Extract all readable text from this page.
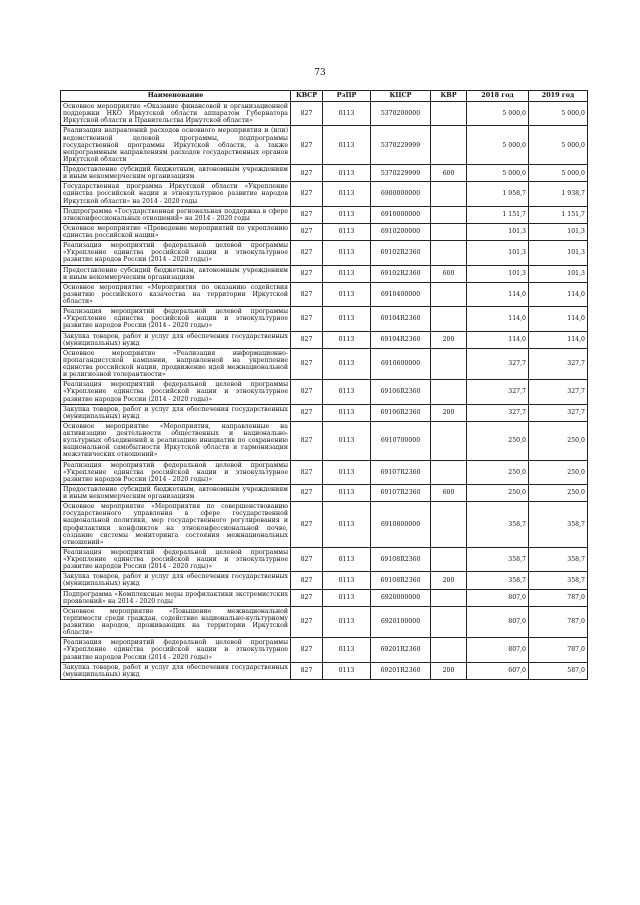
73
Наименование	КВСР	РзПР	КЦСР	КВР	2018 год	2019 год
Основное мероприятие «Оказание финансовой и организационной поддержки НКО Иркутской области аппаратом Губернатора Иркутской области и Правительства Иркутской области»	827	0113	5370200000		5 000,0	5 000,0
Реализация направлений расходов основного мероприятия и (или) ведомственной целевой программы, подпрограммы государственной программы Иркутской области, а также непрограммным направлениям расходов государственных органов Иркутской области	827	0113	5370229999		5 000,0	5 000,0
Предоставление субсидий бюджетным, автономным учреждениям и иным некоммерческим организациям	827	0113	5370229999	600	5 000,0	5 000,0
Государственная программа Иркутской области «Укрепление единства российской нации и этнокультурное развитие народов Иркутской области» на 2014 - 2020 годы	827	0113	6900000000		1 958,7	1 938,7
Подпрограмма «Государственная региональная поддержка в сфере этноконфессиональных отношений» на 2014 - 2020 годы	827	0113	6910000000		1 151,7	1 151,7
Основное мероприятие «Проведение мероприятий по укреплению единства российской нации»	827	0113	6910200000		101,3	101,3
Реализация мероприятий федеральной целевой программы «Укрепление единства российской нации и этнокультурное развитие народов России (2014 - 2020 годы)»	827	0113	69102R2360		101,3	101,3
Предоставление субсидий бюджетным, автономным учреждениям и иным некоммерческим организациям	827	0113	69102R2360	600	101,3	101,3
Основное мероприятие «Мероприятия по оказанию содействия развитию российского казачества на территории Иркутской области»	827	0113	6910400000		114,0	114,0
Реализация мероприятий федеральной целевой программы «Укрепление единства российской нации и этнокультурное развитие народов России (2014 - 2020 годы)»	827	0113	69104R2360		114,0	114,0
Закупка товаров, работ и услуг для обеспечения государственных (муниципальных) нужд	827	0113	69104R2360	200	114,0	114,0
Основное мероприятие «Реализация информационно-пропагандистской кампании, направленной на укрепление единства российской нации, продвижение идей межнациональной и религиозной толерантности»	827	0113	6910600000		327,7	327,7
Реализация мероприятий федеральной целевой программы «Укрепление единства российской нации и этнокультурное развитие народов России (2014 - 2020 годы)»	827	0113	69106R2360		327,7	327,7
Закупка товаров, работ и услуг для обеспечения государственных (муниципальных) нужд	827	0113	69106R2360	200	327,7	327,7
Основное мероприятие «Мероприятия, направленные на активизацию деятельности общественных и национально-культурных объединений и реализацию инициатив по сохранению национальной самобытности Иркутской области и гармонизации межэтнических отношений»	827	0113	6910700000		250,0	250,0
Реализация мероприятий федеральной целевой программы «Укрепление единства российской нации и этнокультурное развитие народов России (2014 - 2020 годы)»	827	0113	69107R2360		250,0	250,0
Предоставление субсидий бюджетным, автономным учреждениям и иным некоммерческим организациям	827	0113	69107R2360	600	250,0	250,0
Основное мероприятие «Мероприятия по совершенствованию государственного управления в сфере государственной национальной политики, мер государственного регулирования и профилактики конфликтов на этноконфессиональной почве, создание системы мониторинга состояния межнациональных отношений»	827	0113	6910800000		358,7	358,7
Реализация мероприятий федеральной целевой программы «Укрепление единства российской нации и этнокультурное развитие народов России (2014 - 2020 годы)»	827	0113	69108R2360		358,7	358,7
Закупка товаров, работ и услуг для обеспечения государственных (муниципальных) нужд	827	0113	69108R2360	200	358,7	358,7
Подпрограмма «Комплексные меры профилактики экстремистских проявлений» на 2014 - 2020 годы	827	0113	6920000000		807,0	787,0
Основное мероприятие «Повышение межнациональной терпимости среди граждан, содействие национально-культурному развитию народов, проживающих на территории Иркутской области»	827	0113	6920100000		807,0	787,0
Реализация мероприятий федеральной целевой программы «Укрепление единства российской нации и этнокультурное развитие народов России (2014 - 2020 годы)»	827	0113	69201R2360		807,0	787,0
Закупка товаров, работ и услуг для обеспечения государственных (муниципальных) нужд	827	0113	69201R2360	200	607,0	587,0
